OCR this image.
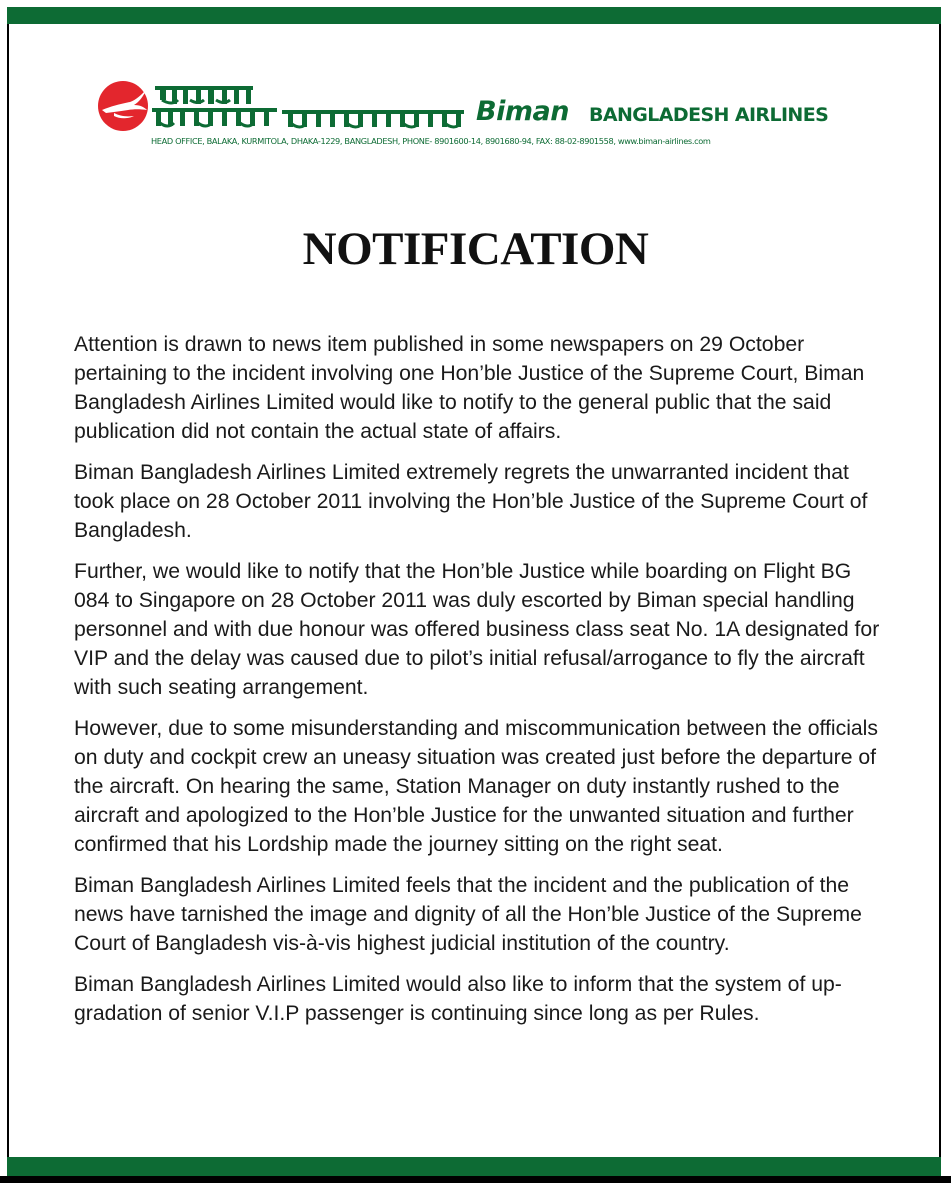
Biman BANGLADESH AIRLINES
HEAD OFFICE, BALAKA, KURMITOLA, DHAKA-1229, BANGLADESH, PHONE- 8901600-14, 8901680-94, FAX: 88-02-8901558, www.biman-airlines.com
NOTIFICATION

Attention is drawn to news item published in some newspapers on 29 October pertaining to the incident involving one Hon’ble Justice of the Supreme Court, Biman Bangladesh Airlines Limited would like to notify to the general public that the said publication did not contain the actual state of affairs.

Biman Bangladesh Airlines Limited extremely regrets the unwarranted incident that took place on 28 October 2011 involving the Hon’ble Justice of the Supreme Court of Bangladesh.

Further, we would like to notify that the Hon’ble Justice while boarding on Flight BG 084 to Singapore on 28 October 2011 was duly escorted by Biman special handling personnel and with due honour was offered business class seat No. 1A designated for VIP and the delay was caused due to pilot’s initial refusal/arrogance to fly the aircraft with such seating arrangement.

However, due to some misunderstanding and miscommunication between the officials on duty and cockpit crew an uneasy situation was created just before the departure of the aircraft. On hearing the same, Station Manager on duty instantly rushed to the aircraft and apologized to the Hon’ble Justice for the unwanted situation and further confirmed that his Lordship made the journey sitting on the right seat.

Biman Bangladesh Airlines Limited feels that the incident and the publication of the news have tarnished the image and dignity of all the Hon’ble Justice of the Supreme Court of Bangladesh vis-à-vis highest judicial institution of the country.

Biman Bangladesh Airlines Limited would also like to inform that the system of up-gradation of senior V.I.P passenger is continuing since long as per Rules.
